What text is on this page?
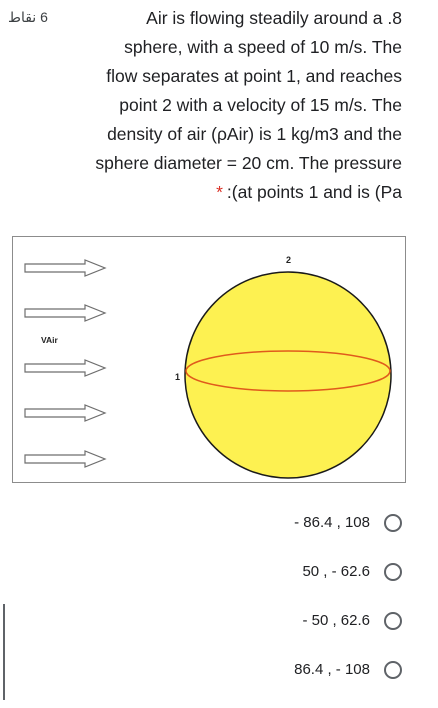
6 نقاط	Air is flowing steadily around a .8
sphere, with a speed of 10 m/s. The
flow separates at point 1, and reaches
point 2 with a velocity of 15 m/s. The
density of air (ρAir) is 1 kg/m3 and the
sphere diameter = 20 cm. The pressure
* :(at points 1 and is (Pa
VAir
2
1
- 86.4 , 108
50 , - 62.6
- 50 , 62.6
86.4 , - 108
